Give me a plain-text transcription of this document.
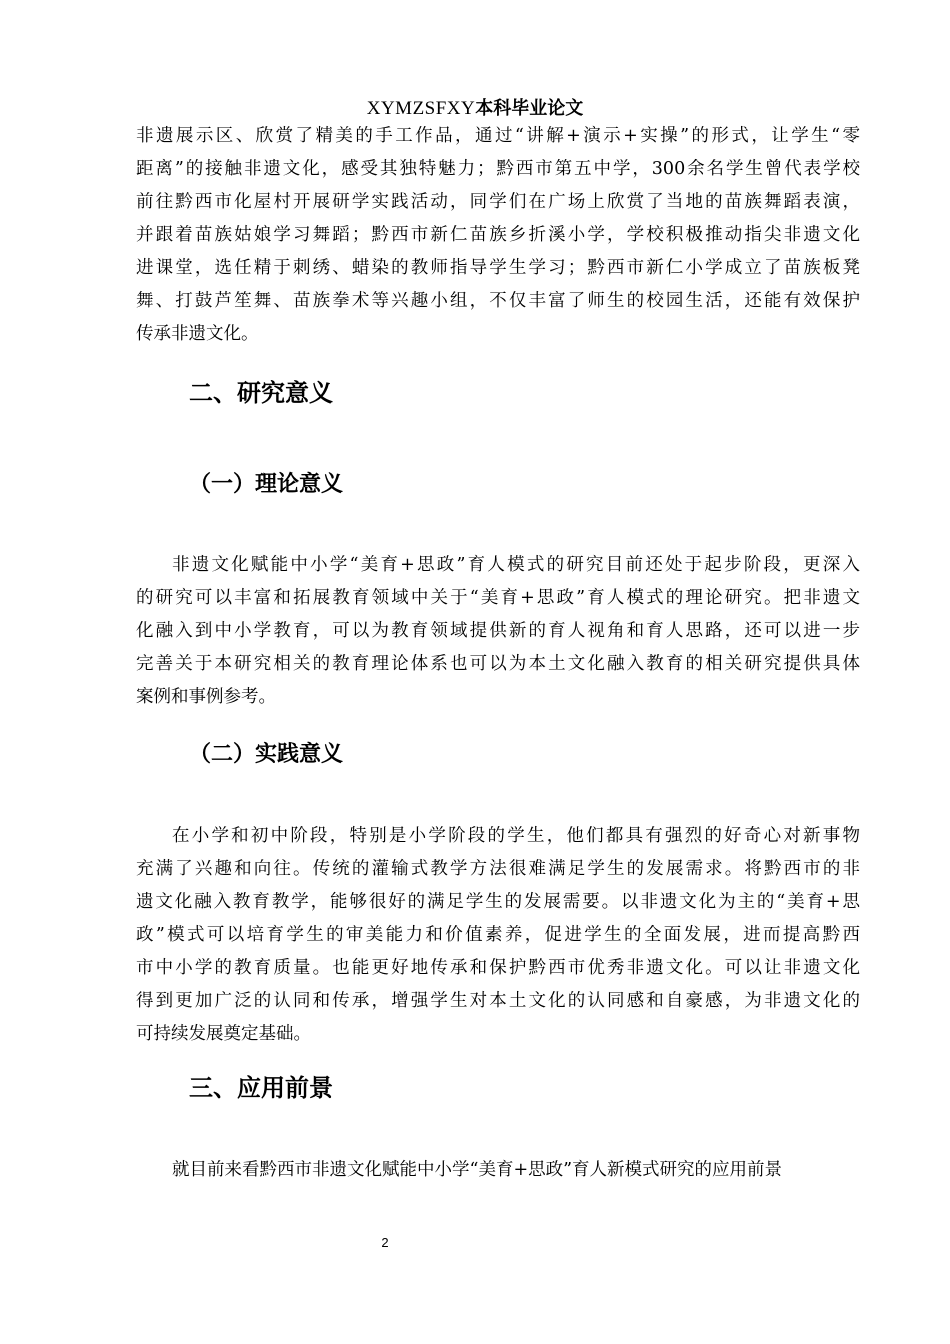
XYMZSFXY本科毕业论文
非遗展示区、欣赏了精美的手工作品，通过“讲解+演示+实操”的形式，让学生“零
距离”的接触非遗文化，感受其独特魅力；黔西市第五中学，300余名学生曾代表学校
前往黔西市化屋村开展研学实践活动，同学们在广场上欣赏了当地的苗族舞蹈表演，
并跟着苗族姑娘学习舞蹈；黔西市新仁苗族乡折溪小学，学校积极推动指尖非遗文化
进课堂，选任精于刺绣、蜡染的教师指导学生学习；黔西市新仁小学成立了苗族板凳
舞、打鼓芦笙舞、苗族拳术等兴趣小组，不仅丰富了师生的校园生活，还能有效保护
传承非遗文化。
二、研究意义
（一）理论意义
非遗文化赋能中小学“美育+思政”育人模式的研究目前还处于起步阶段，更深入
的研究可以丰富和拓展教育领域中关于“美育+思政”育人模式的理论研究。把非遗文
化融入到中小学教育，可以为教育领域提供新的育人视角和育人思路，还可以进一步
完善关于本研究相关的教育理论体系也可以为本土文化融入教育的相关研究提供具体
案例和事例参考。
（二）实践意义
在小学和初中阶段，特别是小学阶段的学生，他们都具有强烈的好奇心对新事物
充满了兴趣和向往。传统的灌输式教学方法很难满足学生的发展需求。将黔西市的非
遗文化融入教育教学，能够很好的满足学生的发展需要。以非遗文化为主的“美育+思
政”模式可以培育学生的审美能力和价值素养，促进学生的全面发展，进而提高黔西
市中小学的教育质量。也能更好地传承和保护黔西市优秀非遗文化。可以让非遗文化
得到更加广泛的认同和传承，增强学生对本土文化的认同感和自豪感，为非遗文化的
可持续发展奠定基础。
三、应用前景
就目前来看黔西市非遗文化赋能中小学“美育+思政”育人新模式研究的应用前景
2
